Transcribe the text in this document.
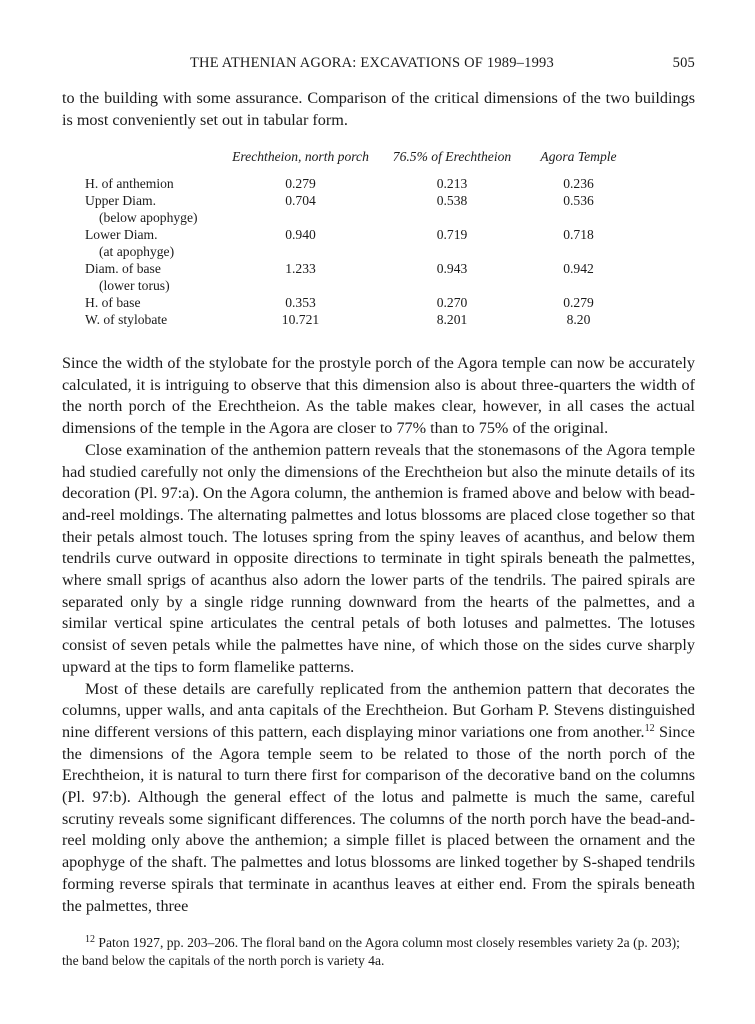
THE ATHENIAN AGORA: EXCAVATIONS OF 1989–1993	505
to the building with some assurance. Comparison of the critical dimensions of the two buildings is most conveniently set out in tabular form.
	Erechtheion, north porch	76.5% of Erechtheion	Agora Temple
H. of anthemion	0.279	0.213	0.236
Upper Diam.
(below apophyge)	0.704	0.538	0.536
Lower Diam.
(at apophyge)	0.940	0.719	0.718
Diam. of base
(lower torus)	1.233	0.943	0.942
H. of base	0.353	0.270	0.279
W. of stylobate	10.721	8.201	8.20

Since the width of the stylobate for the prostyle porch of the Agora temple can now be accurately calculated, it is intriguing to observe that this dimension also is about three-quarters the width of the north porch of the Erechtheion. As the table makes clear, however, in all cases the actual dimensions of the temple in the Agora are closer to 77% than to 75% of the original.

Close examination of the anthemion pattern reveals that the stonemasons of the Agora temple had studied carefully not only the dimensions of the Erechtheion but also the minute details of its decoration (Pl. 97:a). On the Agora column, the anthemion is framed above and below with bead-and-reel moldings. The alternating palmettes and lotus blossoms are placed close together so that their petals almost touch. The lotuses spring from the spiny leaves of acanthus, and below them tendrils curve outward in opposite directions to terminate in tight spirals beneath the palmettes, where small sprigs of acanthus also adorn the lower parts of the tendrils. The paired spirals are separated only by a single ridge running downward from the hearts of the palmettes, and a similar vertical spine articulates the central petals of both lotuses and palmettes. The lotuses consist of seven petals while the palmettes have nine, of which those on the sides curve sharply upward at the tips to form flamelike patterns.

Most of these details are carefully replicated from the anthemion pattern that decorates the columns, upper walls, and anta capitals of the Erechtheion. But Gorham P. Stevens distinguished nine different versions of this pattern, each displaying minor variations one from another.$^{12}$ Since the dimensions of the Agora temple seem to be related to those of the north porch of the Erechtheion, it is natural to turn there first for comparison of the decorative band on the columns (Pl. 97:b). Although the general effect of the lotus and palmette is much the same, careful scrutiny reveals some significant differences. The columns of the north porch have the bead-and-reel molding only above the anthemion; a simple fillet is placed between the ornament and the apophyge of the shaft. The palmettes and lotus blossoms are linked together by S-shaped tendrils forming reverse spirals that terminate in acanthus leaves at either end. From the spirals beneath the palmettes, three

$^{12}$ Paton 1927, pp. 203–206. The floral band on the Agora column most closely resembles variety 2a (p. 203); the band below the capitals of the north porch is variety 4a.
